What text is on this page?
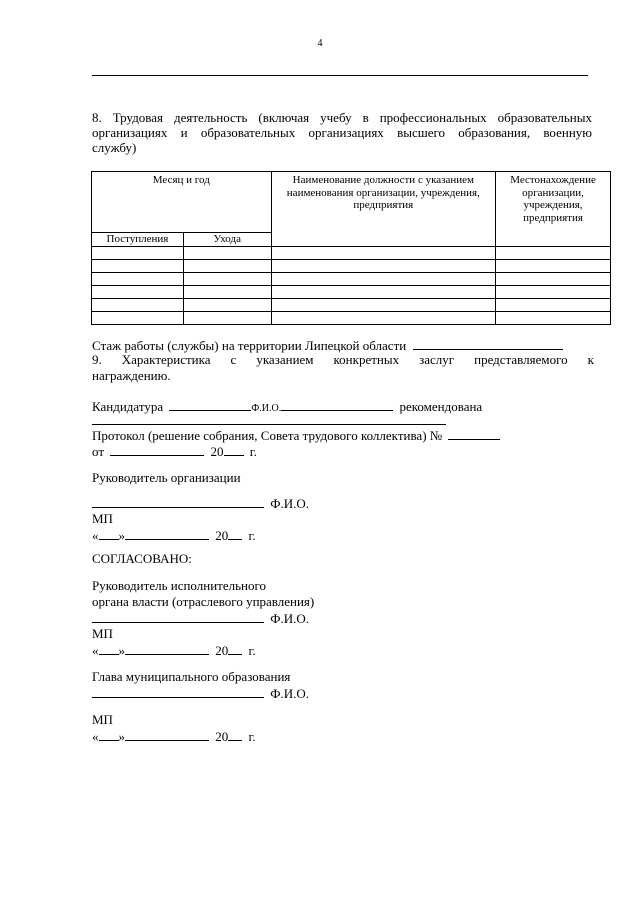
4
8. Трудовая деятельность (включая учебу в профессиональных образовательных
организациях и образовательных организациях высшего образования, военную
службу)
Месяц и год		Наименование должности с указанием наименования организации, учреждения, предприятия	Местонахождение организации, учреждения, предприятия
Поступления	Ухода		

Стаж работы (службы) на территории Липецкой области
9. Характеристика с указанием конкретных заслуг представляемого к
награждению.
Кандидатура	Ф.И.О.	рекомендована
Протокол (решение собрания, Совета трудового коллектива) №
от	20 г.
Руководитель организации
Ф.И.О.
МП
« »	20 г.
СОГЛАСОВАНО:
Руководитель исполнительного
органа власти (отраслевого управления)
Ф.И.О.
МП
« »	20 г.
Глава муниципального образования
Ф.И.О.
МП
« »	20 г.
